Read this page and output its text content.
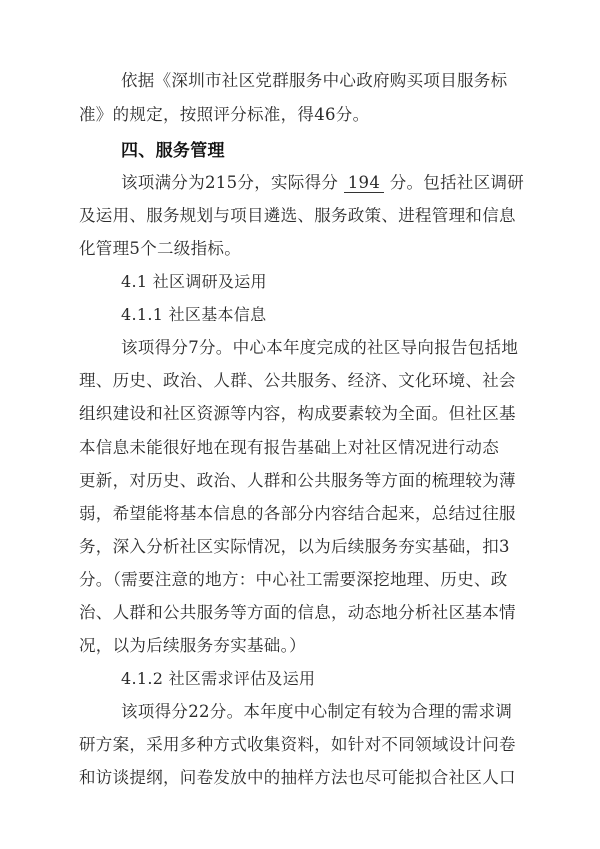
依据《深圳市社区党群服务中心政府购买项目服务标
准》的规定，按照评分标准，得46分。
四、服务管理
该项满分为215分，实际得分 194 分。包括社区调研
及运用、服务规划与项目遴选、服务政策、进程管理和信息
化管理5个二级指标。
4.1 社区调研及运用
4.1.1 社区基本信息
该项得分7分。中心本年度完成的社区导向报告包括地
理、历史、政治、人群、公共服务、经济、文化环境、社会
组织建设和社区资源等内容，构成要素较为全面。但社区基
本信息未能很好地在现有报告基础上对社区情况进行动态
更新，对历史、政治、人群和公共服务等方面的梳理较为薄
弱，希望能将基本信息的各部分内容结合起来，总结过往服
务，深入分析社区实际情况，以为后续服务夯实基础，扣3
分。（需要注意的地方：中心社工需要深挖地理、历史、政
治、人群和公共服务等方面的信息，动态地分析社区基本情
况，以为后续服务夯实基础。）
4.1.2 社区需求评估及运用
该项得分22分。本年度中心制定有较为合理的需求调
研方案，采用多种方式收集资料，如针对不同领域设计问卷
和访谈提纲，问卷发放中的抽样方法也尽可能拟合社区人口
